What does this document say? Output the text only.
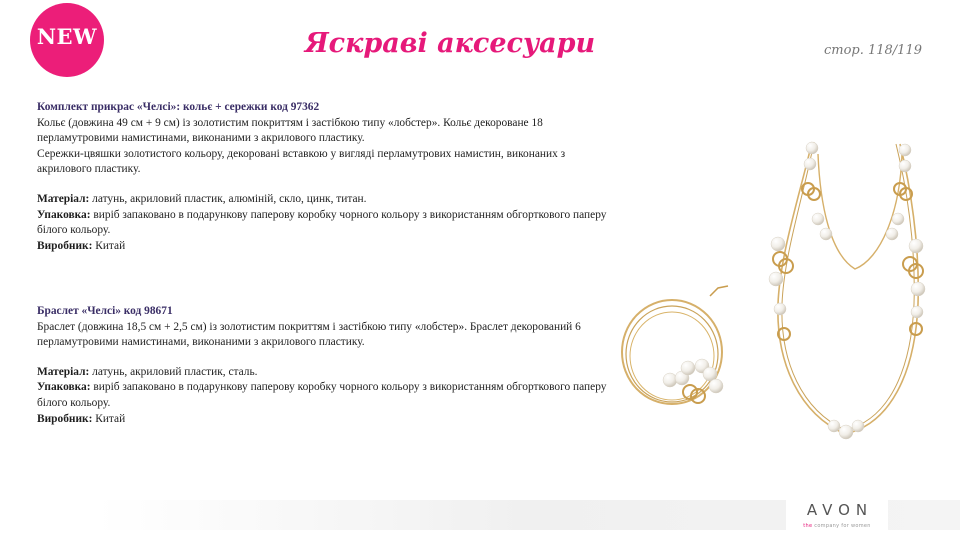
NEW	Яскраві аксесуари	стор. 118/119

Комплект прикрас «Челсі»: кольє + сережки код 97362

Кольє (довжина 49 см + 9 см) із золотистим покриттям і застібкою типу «лобстер». Кольє декороване 18 перламутровими намистинами, виконаними з акрилового пластику.

Сережки-цвяшки золотистого кольору, декоровані вставкою у вигляді перламутрових намистин, виконаних з акрилового пластику.

Матеріал: латунь, акриловий пластик, алюміній, скло, цинк, титан.

Упаковка: виріб запаковано в подарункову паперову коробку чорного кольору з використанням обгорткового паперу білого кольору.

Виробник: Китай

Браслет «Челсі» код 98671

Браслет (довжина 18,5 см + 2,5 см) із золотистим покриттям і застібкою типу «лобстер». Браслет декорований 6 перламутровими намистинами, виконаними з акрилового пластику.

Матеріал: латунь, акриловий пластик, сталь.

Упаковка: виріб запаковано в подарункову паперову коробку чорного кольору з використанням обгорткового паперу білого кольору.

Виробник: Китай

AVON
the company for women
